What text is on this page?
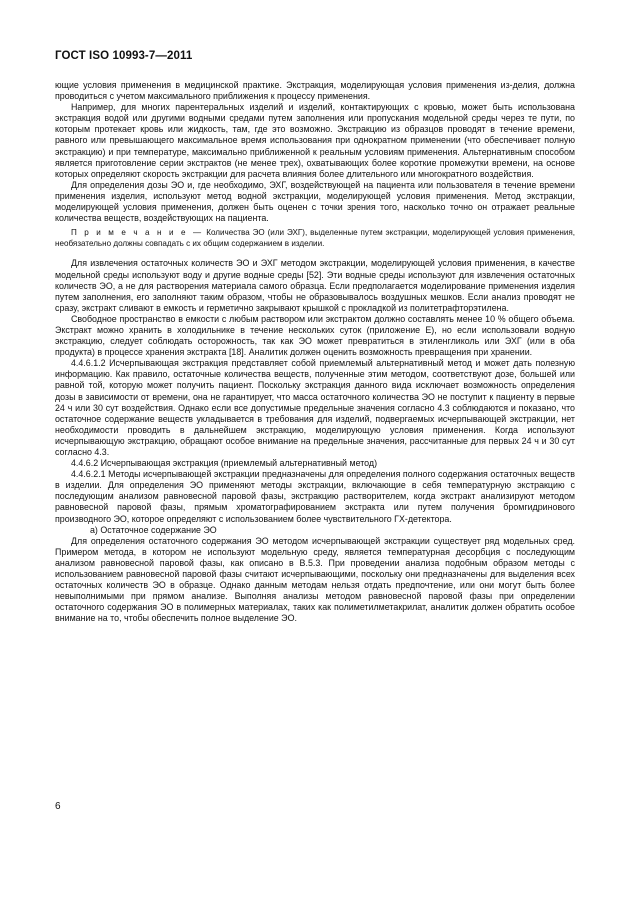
ГОСТ ISO 10993-7—2011

ющие условия применения в медицинской практике. Экстракция, моделирующая условия применения из-делия, должна проводиться с учетом максимального приближения к процессу применения.

Например, для многих парентеральных изделий и изделий, контактирующих с кровью, может быть использована экстракция водой или другими водными средами путем заполнения или пропускания модельной среды через те пути, по которым протекает кровь или жидкость, там, где это возможно. Экстракцию из образцов проводят в течение времени, равного или превышающего максимальное время использования при однократном применении (что обеспечивает полную экстракцию) и при температуре, максимально приближенной к реальным условиям применения. Альтернативным способом является приготовление серии экстрактов (не менее трех), охватывающих более короткие промежутки времени, на основе которых определяют скорость экстракции для расчета влияния более длительного или многократного воздействия.

Для определения дозы ЭО и, где необходимо, ЭХГ, воздействующей на пациента или пользователя в течение времени применения изделия, используют метод водной экстракции, моделирующей условия применения. Метод экстракции, моделирующей условия применения, должен быть оценен с точки зрения того, насколько точно он отражает реальные количества веществ, воздействующих на пациента.

П р и м е ч а н и е — Количества ЭО (или ЭХГ), выделенные путем экстракции, моделирующей условия применения, необязательно должны совпадать с их общим содержанием в изделии.

Для извлечения остаточных количеств ЭО и ЭХГ методом экстракции, моделирующей условия применения, в качестве модельной среды используют воду и другие водные среды [52]. Эти водные среды используют для извлечения остаточных количеств ЭО, а не для растворения материала самого образца. Если предполагается моделирование применения изделия путем заполнения, его заполняют таким образом, чтобы не образовывалось воздушных мешков. Если анализ проводят не сразу, экстракт сливают в емкость и герметично закрывают крышкой с прокладкой из политетрафторэтилена.

Свободное пространство в емкости с любым раствором или экстрактом должно составлять менее 10 % общего объема. Экстракт можно хранить в холодильнике в течение нескольких суток (приложение Е), но если использовали водную экстракцию, следует соблюдать осторожность, так как ЭО может превратиться в этиленгликоль или ЭХГ (или в оба продукта) в процессе хранения экстракта [18]. Аналитик должен оценить возможность превращения при хранении.

4.4.6.1.2 Исчерпывающая экстракция представляет собой приемлемый альтернативный метод и может дать полезную информацию. Как правило, остаточные количества веществ, полученные этим методом, соответствуют дозе, большей или равной той, которую может получить пациент. Поскольку экстракция данного вида исключает возможность определения дозы в зависимости от времени, она не гарантирует, что масса остаточного количества ЭО не поступит к пациенту в первые 24 ч или 30 сут воздействия. Однако если все допустимые предельные значения согласно 4.3 соблюдаются и показано, что остаточное содержание веществ укладывается в требования для изделий, подвергаемых исчерпывающей экстракции, нет необходимости проводить в дальнейшем экстракцию, моделирующую условия применения. Когда используют исчерпывающую экстракцию, обращают особое внимание на предельные значения, рассчитанные для первых 24 ч и 30 сут согласно 4.3.

4.4.6.2 Исчерпывающая экстракция (приемлемый альтернативный метод)

4.4.6.2.1 Методы исчерпывающей экстракции предназначены для определения полного содержания остаточных веществ в изделии. Для определения ЭО применяют методы экстракции, включающие в себя температурную экстракцию с последующим анализом равновесной паровой фазы, экстракцию растворителем, когда экстракт анализируют методом равновесной паровой фазы, прямым хроматографированием экстракта или путем получения бромгидринового производного ЭО, которое определяют с использованием более чувствительного ГХ-детектора.

а) Остаточное содержание ЭО

Для определения остаточного содержания ЭО методом исчерпывающей экстракции существует ряд модельных сред. Примером метода, в котором не используют модельную среду, является температурная десорбция с последующим анализом равновесной паровой фазы, как описано в В.5.3. При проведении анализа подобным образом методы с использованием равновесной паровой фазы считают исчерпывающими, поскольку они предназначены для выделения всех остаточных количеств ЭО в образце. Однако данным методам нельзя отдать предпочтение, или они могут быть более невыполнимыми при прямом анализе. Выполняя анализы методом равновесной паровой фазы при определении остаточного содержания ЭО в полимерных материалах, таких как полиметилметакрилат, аналитик должен обратить особое внимание на то, чтобы обеспечить полное выделение ЭО.

6
